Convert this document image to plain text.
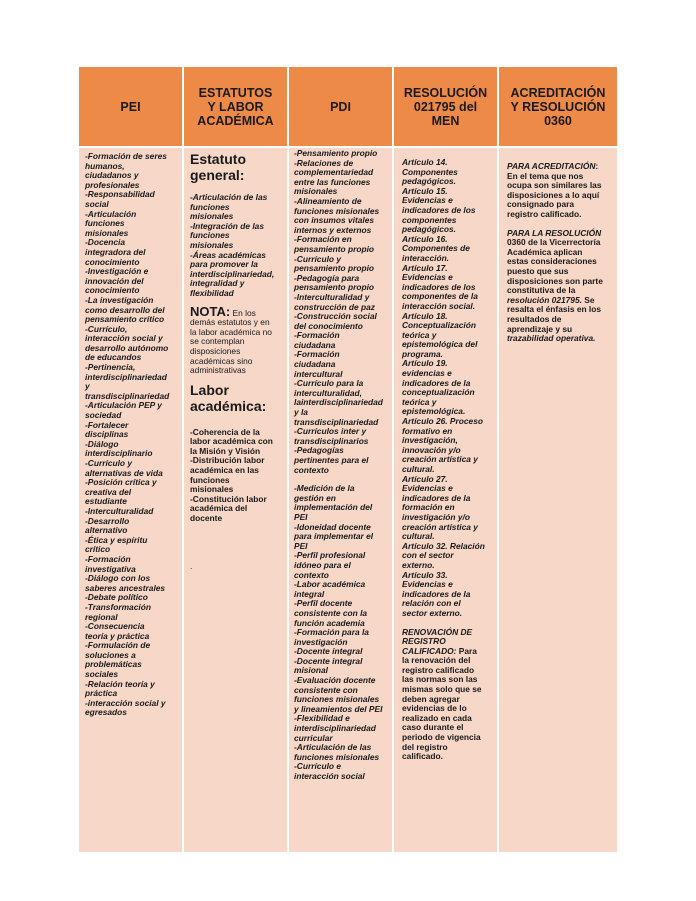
PEI
ESTATUTOS
Y LABOR
ACADÉMICA
PDI
RESOLUCIÓN
021795 del
MEN
ACREDITACIÓN
Y RESOLUCIÓN
0360
-Formación de seres
humanos,
ciudadanos y
profesionales
-Responsabilidad
social
-Articulación
funciones
misionales
-Docencia
integradora del
conocimiento
-Investigación e
innovación del
conocimiento
-La investigación
como desarrollo del
pensamiento crítico
-Currículo,
interacción social y
desarrollo autónomo
de educandos
-Pertinencia,
interdisciplinariedad
y
transdisciplinariedad
-Articulación PEP y
sociedad
-Fortalecer
disciplinas
-Diálogo
interdisciplinario
-Currículo y
alternativas de vida
-Posición crítica y
creativa del
estudiante
-Interculturalidad
-Desarrollo
alternativo
-Ética y espíritu
crítico
-Formación
investigativa
-Diálogo con los
saberes ancestrales
-Debate político
-Transformación
regional
-Consecuencia
teoría y práctica
-Formulación de
soluciones a
problemáticas
sociales
-Relación teoría y
práctica
-interacción social y
egresados
Estatuto
general:
-Articulación de las
funciones
misionales
-Integración de las
funciones
misionales
-Áreas académicas
para promover la
interdisciplinariedad,
integralidad y
flexibilidad
NOTA: En los
demás estatutos y en
la labor académica no
se contemplan
disposiciones
académicas sino
administrativas
Labor
académica:
-Coherencia de la
labor académica con
la Misión y Visión
-Distribución labor
académica en las
funciones
misionales
-Constitución labor
académica del
docente
.
-Pensamiento propio
-Relaciones de
complementariedad
entre las funciones
misionales
-Alineamiento de
funciones misionales
con insumos vitales
internos y externos
-Formación en
pensamiento propio
-Currículo y
pensamiento propio
-Pedagogía para
pensamiento propio
-Interculturalidad y
construcción de paz
-Construcción social
del conocimiento
-Formación
ciudadana
-Formación
ciudadana
intercultural
-Currículo para la
interculturalidad,
lainterdisciplinariedad
y la
transdisciplinariedad
-Currículos inter y
transdisciplinarios
-Pedagogías
pertinentes para el
contexto
-Medición de la
gestión en
implementación del
PEI
-Idoneidad docente
para implementar el
PEI
-Perfil profesional
idóneo para el
contexto
-Labor académica
integral
-Perfil docente
consistente con la
función academia
-Formación para la
investigación
-Docente integral
-Docente integral
misional
-Evaluación docente
consistente con
funciones misionales
y lineamientos del PEI
-Flexibilidad e
interdisciplinariedad
curricular
-Articulación de las
funciones misionales
-Currículo e
interacción social
Artículo 14.
Componentes
pedagógicos.
Artículo 15.
Evidencias e
indicadores de los
componentes
pedagógicos.
Artículo 16.
Componentes de
interacción.
Artículo 17.
Evidencias e
indicadores de los
componentes de la
interacción social.
Artículo 18.
Conceptualización
teórica y
epistemológica del
programa.
Artículo 19.
evidencias e
indicadores de la
conceptualización
teórica y
epistemológica.
Artículo 26. Proceso
formativo en
investigación,
innovación y/o
creación artística y
cultural.
Artículo 27.
Evidencias e
indicadores de la
formación en
investigación y/o
creación artística y
cultural.
Artículo 32. Relación
con el sector
externo.
Artículo 33.
Evidencias e
indicadores de la
relación con el
sector externo.
RENOVACIÓN DE
REGISTRO
CALIFICADO: Para
la renovación del
registro calificado
las normas son las
mismas solo que se
deben agregar
evidencias de lo
realizado en cada
caso durante el
periodo de vigencia
del registro
calificado.
PARA ACREDITACIÓN:
En el tema que nos
ocupa son similares las
disposiciones a lo aquí
consignado para
registro calificado.
PARA LA RESOLUCIÓN
0360 de la Vicerrectoría
Académica aplican
estas consideraciones
puesto que sus
disposiciones son parte
constitutiva de la
resolución 021795. Se
resalta el énfasis en los
resultados de
aprendizaje y su
trazabilidad operativa.
